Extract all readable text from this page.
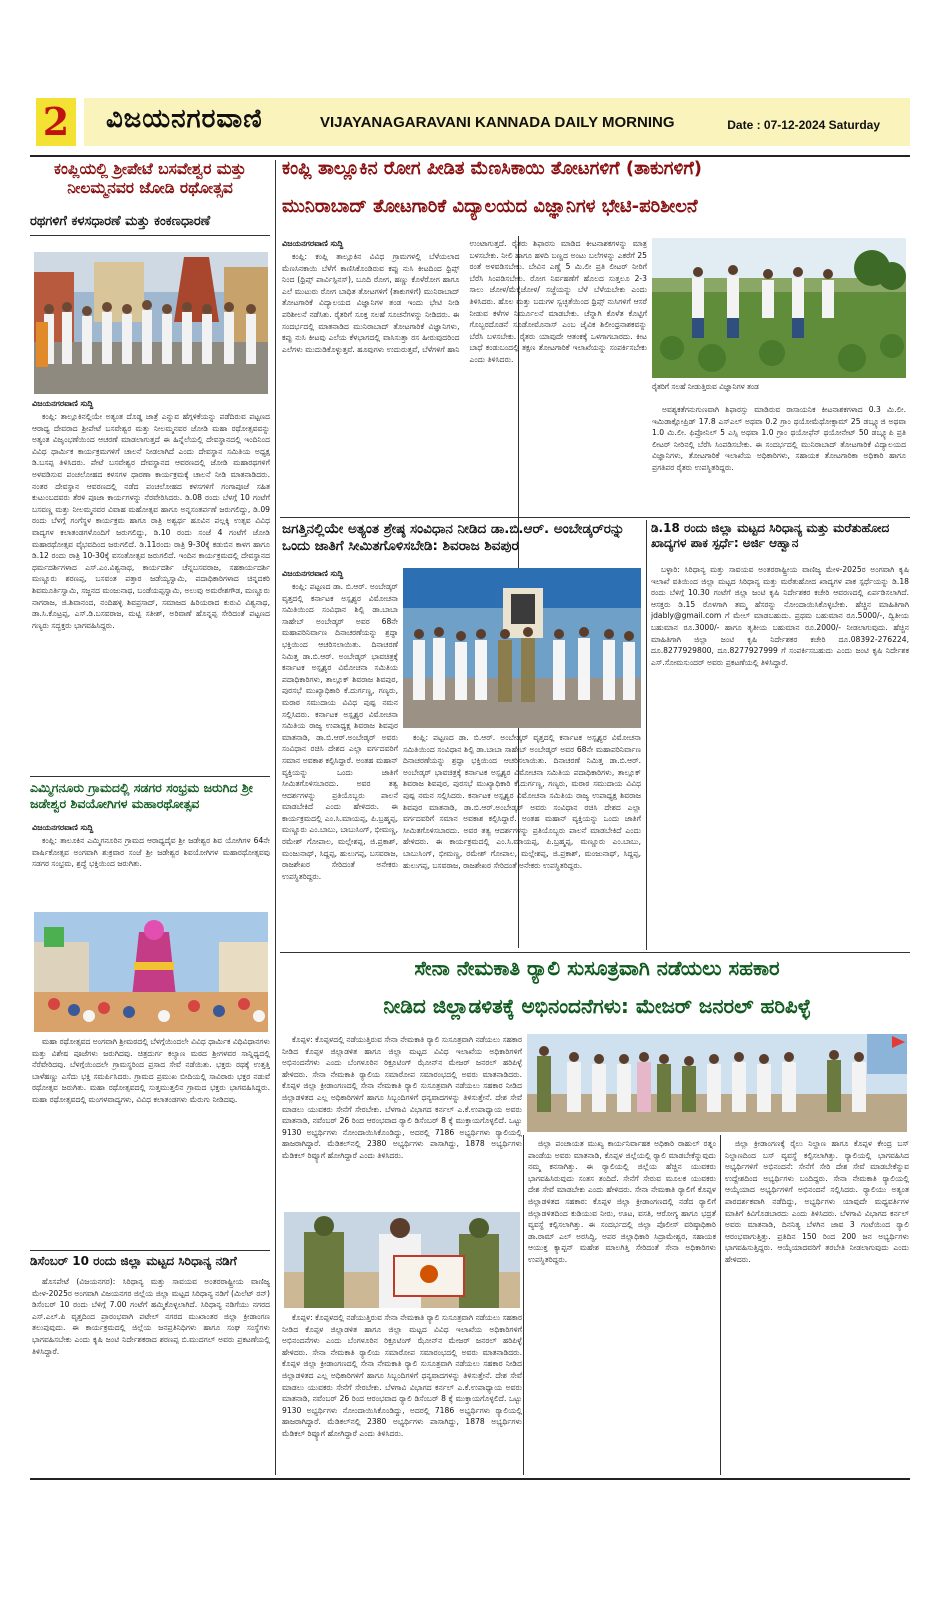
2 ವಿಜಯನಗರವಾಣಿ	VIJAYANAGARAVANI KANNADA DAILY MORNING	Date : 07-12-2024 Saturday
ಕಂಪ್ಲಿಯಲ್ಲಿ ಶ್ರೀಪೇಟೆ ಬಸವೇಶ್ವರ ಮತ್ತು ನೀಲಮ್ಮನವರ ಜೋಡಿ ರಥೋತ್ಸವ
ರಥಗಳಿಗೆ ಕಳಸಧಾರಣೆ ಮತ್ತು ಕಂಕಣಧಾರಣೆ
ವಿಜಯನಗರವಾಣಿ ಸುದ್ದಿ

ಕಂಪ್ಲಿ: ತಾಲ್ಲೂಕಿನಲ್ಲಿಯೇ ಅತ್ಯಂತ ದೊಡ್ಡ ಜಾತ್ರೆ ಎನ್ನುವ ಹೆಗ್ಗಳಿಕೆಯನ್ನು ಪಡೆದಿರುವ ಪಟ್ಟಣದ ಆರಾಧ್ಯ ದೇವರಾದ ಶ್ರೀಪೇಟೆ ಬಸವೇಶ್ವರ ಮತ್ತು ನೀಲಮ್ಮನವರ ಜೋಡಿ ಮಹಾ ರಥೋತ್ಸವವನ್ನು ಅತ್ಯಂತ ವಿಜೃಂಭಣೆಯಿಂದ ಆಚರಣೆ ಮಾಡಲಾಗುತ್ತದೆ ಈ ಹಿನ್ನೆಲೆಯಲ್ಲಿ ದೇವಸ್ಥಾನದಲ್ಲಿ ಇಂದಿನಿಂದ ವಿವಿಧ ಧಾರ್ಮಿಕ ಕಾರ್ಯಕ್ರಮಗಳಿಗೆ ಚಾಲನೆ ನೀಡಲಾಗಿದೆ ಎಂದು ದೇವಸ್ಥಾನ ಸಮಿತಿಯ ಅಧ್ಯಕ್ಷ ಡಿ.ಬಸಪ್ಪ ತಿಳಿಸಿದರು. ಪೇಟೆ ಬಸವೇಶ್ವರ ದೇವಸ್ಥಾನದ ಆವರಣದಲ್ಲಿ ಜೋಡಿ ಮಹಾರಥಗಳಿಗೆ ಅಳವಡಿಸುವ ಪಂಚಲೋಹದ ಕಳಸಗಳ ಧಾರಣಾ ಕಾರ್ಯಕ್ರಮಕ್ಕೆ ಚಾಲನೆ ನೀಡಿ ಮಾತನಾಡಿದರು. ನಂತರ ದೇವಸ್ಥಾನ ಆವರಣದಲ್ಲಿ ನಡೆದ ಪಂಚಲೋಹದ ಕಳಸಗಳಿಗೆ ಗಂಗಾಪೂಜೆ ಸಹಿತ ಕುಟುಂಬದವರು ತೆರಳಿ ಪೂಜಾ ಕಾರ್ಯಗಳನ್ನು ನೆರವೇರಿಸಿದರು. ಡಿ.08 ರಂದು ಬೆಳಗ್ಗೆ 10 ಗಂಟೆಗೆ ಬಸವಣ್ಣ ಮತ್ತು ನೀಲಮ್ಮನವರ ವಿವಾಹ ಮಹೋತ್ಸವ ಹಾಗೂ ಅನ್ನಸಂತರ್ಪಣೆ ಜರುಗಲಿದ್ದು, ಡಿ.09 ರಂದು ಬೆಳಗ್ಗೆ ಗಂಗೆಸ್ಥಳ ಕಾರ್ಯಕ್ರಮ ಹಾಗೂ ರಾತ್ರಿ ಅಶ್ವರ್ಥ ಹೂವಿನ ಪಲ್ಲಕ್ಕಿ ಉತ್ಸವ ವಿವಿಧ ವಾದ್ಯಗಳ ಕಲಾತಂಡಗಳೊಂದಿಗೆ ಜರುಗಲಿದ್ದು, ಡಿ.10 ರಂದು ಸಂಜೆ 4 ಗಂಟೆಗೆ ಜೋಡಿ ಮಹಾರಥೋತ್ಸವ ವೈಭವದಿಂದ ಜರುಗಲಿದೆ. ಡಿ.11ರಂದು ರಾತ್ರಿ 9-30ಕ್ಕೆ ಕಡುಬಿನ ಕಾಳಗ ಹಾಗೂ ಡಿ.12 ರಂದು ರಾತ್ರಿ 10-30ಕ್ಕೆ ವಸಂತೋತ್ಸವ ಜರುಗಲಿದೆ. ಇಂದಿನ ಕಾರ್ಯಕ್ರಮದಲ್ಲಿ ದೇವಸ್ಥಾನದ ಧರ್ಮದರ್ಶಿಗಳಾದ ಎಸ್.ಎಂ.ವಿಶ್ವನಾಥ, ಕಾರ್ಯದರ್ಶಿ ಚೆನ್ನಬಸವರಾಜ, ಸಹಕಾರ್ಯದರ್ಶಿ ಮಣ್ಣೂರು ಶರಣಪ್ಪ, ಬಸವಂತ ಪತ್ತಾರ ಜಡೆಯ್ಯಸ್ವಾಮಿ, ಪದಾಧಿಕಾರಿಗಳಾದ ಚಿನ್ನದಕರಿ ಶಿವಮೂರ್ತಿಸ್ವಾಮಿ, ಸಜ್ಜನದ ಮಂಜುನಾಥ, ಬಂಡೆಯಪ್ಪಸ್ವಾಮಿ, ಅಲುವು ಅಮರೇಶಗೌಡ, ಮಣ್ಣೂರು ನಾಗರಾಜ, ಜಿ.ಶಿವಾನಂದ, ನಂದಿಹಳ್ಳಿ ಶಿವಪ್ರಸಾದ್, ಸಮಾಜದ ಹಿರಿಯರಾದ ಕುರುವಿ ವಿಶ್ವನಾಥ, ಡಾ.ಸಿ.ಕೊಟ್ರಪ್ಪ, ಎಸ್.ಡಿ.ಬಸವರಾಜ, ಮಟ್ಟಿ ಸತೀಶ್, ಅರಿವಾಣೆ ಹೊನ್ನಪ್ಪ ಸೇರಿದಂತೆ ಪಟ್ಟಣದ ಗಣ್ಯರು ಸದ್ಭಕ್ತರು ಭಾಗವಹಿಸಿದ್ದರು.

ಎಮ್ಮಿಗನೂರು ಗ್ರಾಮದಲ್ಲಿ ಸಡಗರ ಸಂಭ್ರಮ ಜರುಗಿದ ಶ್ರೀ ಜಡೇಶ್ವರ ಶಿವಯೋಗಿಗಳ ಮಹಾರಥೋತ್ಸವ
ವಿಜಯನಗರವಾಣಿ ಸುದ್ದಿ

ಕಂಪ್ಲಿ: ತಾಲೂಕಿನ ಎಮ್ಮಿಗನೂರಿನ ಗ್ರಾಮದ ಆರಾಧ್ಯದೈವ ಶ್ರೀ ಜಡೇಶ್ವರ ಶಿವ ಯೋಗಿಗಳ 64ನೇ ವಾರ್ಷಿಕೋತ್ಸವ ಅಂಗವಾಗಿ ಶುಕ್ರವಾರ ಸಂಜೆ ಶ್ರೀ ಜಡೇಶ್ವರ ಶಿವಯೋಗಿಗಳ ಮಹಾರಥೋತ್ಸವವು ಸಡಗರ ಸಂಭ್ರಮ, ಶ್ರದ್ಧೆ ಭಕ್ತಿಯಿಂದ ಜರುಗಿತು.

ಮಹಾ ರಥೋತ್ಸವದ ಅಂಗವಾಗಿ ಶ್ರೀಮಠದಲ್ಲಿ ಬೆಳಗ್ಗೆಯಿಂದಲೇ ವಿವಿಧ ಧಾರ್ಮಿಕ ವಿಧಿವಿಧಾನಗಳು ಮತ್ತು ವಿಶೇಷ ಪೂಜೆಗಳು ಜರುಗಿದವು. ಚಿತ್ರದುರ್ಗ ಕಲ್ಯಾಣ ಮಠದ ಶ್ರೀಗಳವರ ಸಾನ್ನಿಧ್ಯದಲ್ಲಿ ನೆರೆವೇರಿದವು. ಬೆಳಗ್ಗೆಯಿಂದಲೇ ಗ್ರಾಮಸ್ಥರಿಂದ ಪ್ರಸಾದ ಸೇವೆ ನಡೆಯಿತು. ಭಕ್ತರು ರಥಕ್ಕೆ ಉತ್ತತ್ತಿ ಬಾಳೆಹಣ್ಣು ಎಸೆದು ಭಕ್ತಿ ಸಮರ್ಪಿಸಿದರು. ಗ್ರಾಮದ ಪ್ರಮುಖ ಬೀದಿಯಲ್ಲಿ ಸಾವಿರಾರು ಭಕ್ತರ ನಡುವೆ ರಥೋತ್ಸವ ಜರುಗಿತು. ಮಹಾ ರಥೋತ್ಸವದಲ್ಲಿ ಸುತ್ತಮುತ್ತಲಿನ ಗ್ರಾಮದ ಭಕ್ತರು ಭಾಗವಹಿಸಿದ್ದರು. ಮಹಾ ರಥೋತ್ಸವದಲ್ಲಿ ಮಂಗಳವಾದ್ಯಗಳು, ವಿವಿಧ ಕಲಾತಂಡಗಳು ಮೆರುಗು ನೀಡಿದವು.

ಡಿಸೆಂಬರ್ 10 ರಂದು ಜಿಲ್ಲಾ ಮಟ್ಟದ ಸಿರಿಧಾನ್ಯ ನಡಿಗೆ

ಹೊಸಪೇಟೆ (ವಿಜಯನಗರ): ಸಿರಿಧಾನ್ಯ ಮತ್ತು ಸಾವಯವ ಅಂತರರಾಷ್ಟ್ರೀಯ ವಾಣಿಜ್ಯ ಮೇಳ-2025ರ ಅಂಗವಾಗಿ ವಿಜಯನಗರ ಜಿಲ್ಲೆಯ ಜಿಲ್ಲಾ ಮಟ್ಟದ ಸಿರಿಧಾನ್ಯ ನಡಿಗೆ (ಮಿಲೆಟ್ ರನ್) ಡಿಸೆಂಬರ್ 10 ರಂದು ಬೆಳಿಗ್ಗೆ 7.00 ಗಂಟೆಗೆ ಹಮ್ಮಿಕೊಳ್ಳಲಾಗಿದೆ. ಸಿರಿಧಾನ್ಯ ನಡಿಗೆಯು ನಗರದ ಎಸ್.ಎಲ್.ಪಿ ವೃತ್ತದಿಂದ ಪ್ರಾರಂಭವಾಗಿ ಪಟೇಲ್ ನಗರದ ಮುಖಾಂತರ ಜಿಲ್ಲಾ ಕ್ರೀಡಾಂಗಣ ತಲುಪುವುದು. ಈ ಕಾರ್ಯಕ್ರಮದಲ್ಲಿ ಜಿಲ್ಲೆಯ ಜನಪ್ರತಿನಿಧಿಗಳು ಹಾಗೂ ಸಂಘ ಸಂಸ್ಥೆಗಳು ಭಾಗವಹಿಸಬೇಕು ಎಂದು ಕೃಷಿ ಜಂಟಿ ನಿರ್ದೇಶಕರಾದ ಶರಣಪ್ಪ ಬಿ.ಮುದಗಲ್ ಅವರು ಪ್ರಕಟಣೆಯಲ್ಲಿ ತಿಳಿಸಿದ್ದಾರೆ.

ಕಂಪ್ಲಿ ತಾಲ್ಲೂಕಿನ ರೋಗ ಪೀಡಿತ ಮೆಣಸಿಕಾಯಿ ತೋಟಗಳಿಗೆ (ತಾಕುಗಳಿಗೆ)
ಮುನಿರಾಬಾದ್ ತೋಟಗಾರಿಕೆ ವಿದ್ಯಾಲಯದ ವಿಜ್ಞಾನಿಗಳ ಭೇಟಿ-ಪರಿಶೀಲನೆ
ವಿಜಯನಗರವಾಣಿ ಸುದ್ದಿ

ಕಂಪ್ಲಿ: ಕಂಪ್ಲಿ ತಾಲ್ಲೂಕಿನ ವಿವಿಧ ಗ್ರಾಮಗಳಲ್ಲಿ ಬೆಳೆಯಲಾದ ಮೆಣಸಿನಕಾಯಿ ಬೆಳೆಗೆ ಕಾಣಿಸಿಕೊಂಡಿರುವ ಕಪ್ಪು ನುಸಿ ಕೀಟದಿಂದ ಥ್ರಿಪ್ಸ್‌ ನಿಂದ (ಥ್ರಿಪ್ಸ್ ಪಾರ್ವಿಸ್ಪಿನಸ್), ಬೂದಿ ರೋಗ, ಹಣ್ಣು ಕೊಳೆರೋಗ ಹಾಗೂ ಎಲೆ ಮುಟುರು ರೋಗ ಬಾಧಿತ ತೋಟಗಳಿಗೆ (ತಾಕುಗಳಿಗೆ) ಮುನಿರಾಬಾದ್ ತೋಟಗಾರಿಕೆ ವಿದ್ಯಾಲಯದ ವಿಜ್ಞಾನಿಗಳ ತಂಡ ಇಂದು ಭೇಟಿ ನೀಡಿ ಪರಿಶೀಲನೆ ನಡೆಸಿತು. ರೈತರಿಗೆ ಸೂಕ್ತ ಸಲಹೆ ಸೂಚನೆಗಳನ್ನು ನೀಡಿದರು. ಈ ಸಂದರ್ಭದಲ್ಲಿ ಮಾತನಾಡಿದ ಮುನಿರಾಬಾದ್ ತೋಟಗಾರಿಕೆ ವಿಜ್ಞಾನಿಗಳು, ಕಪ್ಪು ನುಸಿ ಕೀಟವು ಎಲೆಯ ಕೆಳಭಾಗದಲ್ಲಿ ವಾಸಿಸುತ್ತಾ ರಸ ಹೀರುವುದರಿಂದ ಎಲೆಗಳು ಮುದುಡಿಕೊಳ್ಳುತ್ತವೆ. ಹೂವುಗಳು ಉದುರುತ್ತವೆ, ಬೆಳೆಗಳಿಗೆ ಹಾನಿ ಉಂಟಾಗುತ್ತದೆ. ರೈತರು ಶಿಫಾರಸು ಮಾಡಿದ ಕೀಟನಾಶಕಗಳನ್ನು ಮಾತ್ರ ಬಳಸಬೇಕು. ನೀಲಿ ಹಾಗೂ ಹಳದಿ ಬಣ್ಣದ ಅಂಟು ಬಲೆಗಳನ್ನು ಎಕರೆಗೆ 25 ರಂತೆ ಅಳವಡಿಸಬೇಕು. ಬೇವಿನ ಎಣ್ಣೆ 5 ಮಿ.ಲೀ ಪ್ರತಿ ಲೀಟರ್ ನೀರಿಗೆ ಬೆರೆಸಿ ಸಿಂಪಡಿಸಬೇಕು. ರೋಗ ನಿರ್ವಹಣೆಗೆ ಹೊಲದ ಸುತ್ತಲೂ 2-3 ಸಾಲು ಜೋಳ/ಮೆಕ್ಕೆಜೋಳ/ ಸಜ್ಜೆಯನ್ನು ಬೆಳೆ ಬೆಳೆಯಬೇಕು ಎಂದು ತಿಳಿಸಿದರು. ಹೊಲ ಮತ್ತು ಬದುಗಳ ಸ್ವಚ್ಛತೆಯಿಂದ ಥ್ರಿಪ್ಸ್ ನುಸಿಗಳಿಗೆ ಆಸರೆ ನೀಡುವ ಕಳೆಗಳ ನಿರ್ಮೂಲನೆ ಮಾಡಬೇಕು. ಚೆನ್ನಾಗಿ ಕೊಳೆತ ಕೊಟ್ಟಿಗೆ ಗೊಬ್ಬರದೊಡನೆ ಸೂಡೋಮೊನಾಸ್ ಎಂಬ ಜೈವಿಕ ಶಿಲೀಂಧ್ರನಾಶಕವನ್ನು ಬೆರೆಸಿ ಬಳಸಬೇಕು. ರೈತರು ಯಾವುದೇ ಆತಂಕಕ್ಕೆ ಒಳಗಾಗಬಾರದು. ಕೀಟ ಬಾಧೆ ಕಂಡುಬಂದಲ್ಲಿ ತಕ್ಷಣ ತೋಟಗಾರಿಕೆ ಇಲಾಖೆಯನ್ನು ಸಂಪರ್ಕಿಸಬೇಕು ಎಂದು ತಿಳಿಸಿದರು.

ರೈತರಿಗೆ ಸಲಹೆ ನೀಡುತ್ತಿರುವ ವಿಜ್ಞಾನಿಗಳ ತಂಡ

ಅವಶ್ಯಕತೆಗನುಗುಣವಾಗಿ ಶಿಫಾರಸ್ಸು ಮಾಡಿರುವ ರಾಸಾಯನಿಕ ಕೀಟನಾಶಕಗಳಾದ 0.3 ಮಿ.ಲೀ. ಇಮಿಡಾಕ್ಲೋಪ್ರಿಡ್ 17.8 ಎಸ್ಎಲ್ ಅಥವಾ 0.2 ಗ್ರಾಂ ಥಯೋಮೆಥೋಕ್ಸಾಮ್ 25 ಡಬ್ಲ್ಯೂಜಿ ಅಥವಾ 1.0 ಮಿ.ಲೀ. ಫಿಪ್ರೋನಿಲ್ 5 ಎಸ್ಸಿ ಅಥವಾ 1.0 ಗ್ರಾಂ ಥಯೋಫೆನ್ ಥಯೋನೇಟ್ 50 ಡಬ್ಲ್ಯೂಪಿ ಪ್ರತಿ ಲೀಟರ್ ನೀರಿನಲ್ಲಿ ಬೆರೆಸಿ ಸಿಂಪಡಿಸಬೇಕು. ಈ ಸಂದರ್ಭದಲ್ಲಿ ಮುನಿರಾಬಾದ್ ತೋಟಗಾರಿಕೆ ವಿದ್ಯಾಲಯದ ವಿಜ್ಞಾನಿಗಳು, ತೋಟಗಾರಿಕೆ ಇಲಾಖೆಯ ಅಧಿಕಾರಿಗಳು, ಸಹಾಯಕ ತೋಟಗಾರಿಕಾ ಅಧಿಕಾರಿ ಹಾಗೂ ಪ್ರಗತಿಪರ ರೈತರು ಉಪಸ್ಥಿತರಿದ್ದರು.

ಜಗತ್ತಿನಲ್ಲಿಯೇ ಅತ್ಯಂತ ಶ್ರೇಷ್ಠ ಸಂವಿಧಾನ ನೀಡಿದ ಡಾ.ಬಿ.ಆರ್. ಅಂಬೇಡ್ಕರ್‌ರನ್ನು ಒಂದು ಜಾತಿಗೆ ಸೀಮಿತಗೊಳಿಸಬೇಡಿ: ಶಿವರಾಜ ಶಿವಪುರ
ವಿಜಯನಗರವಾಣಿ ಸುದ್ದಿ

ಕಂಪ್ಲಿ: ಪಟ್ಟಣದ ಡಾ. ಬಿ.ಆರ್. ಅಂಬೇಡ್ಕರ್ ವೃತ್ತದಲ್ಲಿ ಕರ್ನಾಟಕ ಅಸ್ಪೃಶ್ಯರ ವಿಮೋಚನಾ ಸಮಿತಿಯಿಂದ ಸಂವಿಧಾನ ಶಿಲ್ಪಿ ಡಾ.ಬಾಬಾ ಸಾಹೇಬ್ ಅಂಬೇಡ್ಕರ್ ಅವರ 68ನೇ ಮಹಾಪರಿನಿರ್ವಾಣ ದಿನಾಚರಣೆಯನ್ನು ಶ್ರದ್ಧಾ ಭಕ್ತಿಯಿಂದ ಆಚರಿಸಲಾಯಿತು. ದಿನಾಚರಣೆ ನಿಮಿತ್ತ ಡಾ.ಬಿ.ಆರ್. ಅಂಬೇಡ್ಕರ್ ಭಾವಚಿತ್ರಕ್ಕೆ ಕರ್ನಾಟಕ ಅಸ್ಪೃಶ್ಯರ ವಿಮೋಚನಾ ಸಮಿತಿಯ ಪದಾಧಿಕಾರಿಗಳು, ತಾಲ್ಲೂಕ್ ಶಿವರಾಜ ಶಿವಪುರ, ಪುರಸಭೆ ಮುಖ್ಯಾಧಿಕಾರಿ ಕೆ.ದುರ್ಗಣ್ಣ, ಗಣ್ಯರು, ಮರಾಠ ಸಮುದಾಯ ವಿವಿಧ ಪುಷ್ಪ ನಮನ ಸಲ್ಲಿಸಿದರು. ಕರ್ನಾಟಕ ಅಸ್ಪೃಶ್ಯರ ವಿಮೋಚನಾ ಸಮಿತಿಯ ರಾಜ್ಯ ಉಪಾಧ್ಯಕ್ಷ ಶಿವರಾಜ ಶಿವಪುರ ಮಾತನಾಡಿ, ಡಾ.ಬಿ.ಆರ್.ಅಂಬೇಡ್ಕರ್ ಅವರು ಸಂವಿಧಾನ ರಚಿಸಿ ದೇಶದ ಎಲ್ಲಾ ವರ್ಗದವರಿಗೆ ಸಮಾನ ಅವಕಾಶ ಕಲ್ಪಿಸಿದ್ದಾರೆ. ಅಂತಹ ಮಹಾನ್ ವ್ಯಕ್ತಿಯನ್ನು ಒಂದು ಜಾತಿಗೆ ಸೀಮಿತಗೊಳಿಸಬಾರದು. ಅವರ ತತ್ವ ಆದರ್ಶಗಳನ್ನು ಪ್ರತಿಯೊಬ್ಬರು ಪಾಲನೆ ಮಾಡಬೇಕಿದೆ ಎಂದು ಹೇಳಿದರು. ಈ ಕಾರ್ಯಕ್ರಮದಲ್ಲಿ ಎಂ.ಸಿ.ಮಾಯಪ್ಪ, ಪಿ.ಬ್ರಹ್ಮಪ್ಪ, ಮಣ್ಣೂರು ಎಂ.ಬಾಬು, ಬಾಬುಸಿಂಗ್, ಭೀಮಣ್ಣ, ರಮೇಶ್ ಗೋಪಾಲ, ಮಲ್ಲೇಶಪ್ಪ, ಜಿ.ಪ್ರಕಾಶ್, ಮಂಜುನಾಥ್, ಸಿದ್ದಪ್ಪ, ಹುಲುಗಪ್ಪ, ಬಸವರಾಜ, ರಾಜಶೇಖರ ಸೇರಿದಂತೆ ಅನೇಕರು ಉಪಸ್ಥಿತರಿದ್ದರು.

ಕಂಪ್ಲಿ: ಪಟ್ಟಣದ ಡಾ. ಬಿ.ಆರ್. ಅಂಬೇಡ್ಕರ್ ವೃತ್ತದಲ್ಲಿ ಕರ್ನಾಟಕ ಅಸ್ಪೃಶ್ಯರ ವಿಮೋಚನಾ ಸಮಿತಿಯಿಂದ ಸಂವಿಧಾನ ಶಿಲ್ಪಿ ಡಾ.ಬಾಬಾ ಸಾಹೇಬ್ ಅಂಬೇಡ್ಕರ್ ಅವರ 68ನೇ ಮಹಾಪರಿನಿರ್ವಾಣ ದಿನಾಚರಣೆಯನ್ನು ಶ್ರದ್ಧಾ ಭಕ್ತಿಯಿಂದ ಆಚರಿಸಲಾಯಿತು. ದಿನಾಚರಣೆ ನಿಮಿತ್ತ ಡಾ.ಬಿ.ಆರ್. ಅಂಬೇಡ್ಕರ್ ಭಾವಚಿತ್ರಕ್ಕೆ ಕರ್ನಾಟಕ ಅಸ್ಪೃಶ್ಯರ ವಿಮೋಚನಾ ಸಮಿತಿಯ ಪದಾಧಿಕಾರಿಗಳು, ತಾಲ್ಲೂಕ್ ಶಿವರಾಜ ಶಿವಪುರ, ಪುರಸಭೆ ಮುಖ್ಯಾಧಿಕಾರಿ ಕೆ.ದುರ್ಗಣ್ಣ, ಗಣ್ಯರು, ಮರಾಠ ಸಮುದಾಯ ವಿವಿಧ ಪುಷ್ಪ ನಮನ ಸಲ್ಲಿಸಿದರು. ಕರ್ನಾಟಕ ಅಸ್ಪೃಶ್ಯರ ವಿಮೋಚನಾ ಸಮಿತಿಯ ರಾಜ್ಯ ಉಪಾಧ್ಯಕ್ಷ ಶಿವರಾಜ ಶಿವಪುರ ಮಾತನಾಡಿ, ಡಾ.ಬಿ.ಆರ್.ಅಂಬೇಡ್ಕರ್ ಅವರು ಸಂವಿಧಾನ ರಚಿಸಿ ದೇಶದ ಎಲ್ಲಾ ವರ್ಗದವರಿಗೆ ಸಮಾನ ಅವಕಾಶ ಕಲ್ಪಿಸಿದ್ದಾರೆ. ಅಂತಹ ಮಹಾನ್ ವ್ಯಕ್ತಿಯನ್ನು ಒಂದು ಜಾತಿಗೆ ಸೀಮಿತಗೊಳಿಸಬಾರದು. ಅವರ ತತ್ವ ಆದರ್ಶಗಳನ್ನು ಪ್ರತಿಯೊಬ್ಬರು ಪಾಲನೆ ಮಾಡಬೇಕಿದೆ ಎಂದು ಹೇಳಿದರು. ಈ ಕಾರ್ಯಕ್ರಮದಲ್ಲಿ ಎಂ.ಸಿ.ಮಾಯಪ್ಪ, ಪಿ.ಬ್ರಹ್ಮಪ್ಪ, ಮಣ್ಣೂರು ಎಂ.ಬಾಬು, ಬಾಬುಸಿಂಗ್, ಭೀಮಣ್ಣ, ರಮೇಶ್ ಗೋಪಾಲ, ಮಲ್ಲೇಶಪ್ಪ, ಜಿ.ಪ್ರಕಾಶ್, ಮಂಜುನಾಥ್, ಸಿದ್ದಪ್ಪ, ಹುಲುಗಪ್ಪ, ಬಸವರಾಜ, ರಾಜಶೇಖರ ಸೇರಿದಂತೆ ಅನೇಕರು ಉಪಸ್ಥಿತರಿದ್ದರು.

ಡಿ.18 ರಂದು ಜಿಲ್ಲಾ ಮಟ್ಟದ ಸಿರಿಧಾನ್ಯ ಮತ್ತು ಮರೆತುಹೋದ ಖಾದ್ಯಗಳ ಪಾಕ ಸ್ಪರ್ಧೆ: ಅರ್ಜಿ ಆಹ್ವಾನ

ಬಳ್ಳಾರಿ: ಸಿರಿಧಾನ್ಯ ಮತ್ತು ಸಾವಯವ ಅಂತರರಾಷ್ಟ್ರೀಯ ವಾಣಿಜ್ಯ ಮೇಳ-2025ರ ಅಂಗವಾಗಿ ಕೃಷಿ ಇಲಾಖೆ ವತಿಯಿಂದ ಜಿಲ್ಲಾ ಮಟ್ಟದ ಸಿರಿಧಾನ್ಯ ಮತ್ತು ಮರೆತುಹೋದ ಖಾದ್ಯಗಳ ಪಾಕ ಸ್ಪರ್ಧೆಯನ್ನು ಡಿ.18 ರಂದು ಬೆಳಿಗ್ಗೆ 10.30 ಗಂಟೆಗೆ ಜಿಲ್ಲಾ ಜಂಟಿ ಕೃಷಿ ನಿರ್ದೇಶಕರ ಕಚೇರಿ ಆವರಣದಲ್ಲಿ ಏರ್ಪಡಿಸಲಾಗಿದೆ. ಆಸಕ್ತರು ಡಿ.15 ರೊಳಗಾಗಿ ತಮ್ಮ ಹೆಸರನ್ನು ನೋಂದಾಯಿಸಿಕೊಳ್ಳಬೇಕು. ಹೆಚ್ಚಿನ ಮಾಹಿತಿಗಾಗಿ jdably@gmail.com ಗೆ ಮೇಲ್ ಮಾಡಬಹುದು. ಪ್ರಥಮ ಬಹುಮಾನ ರೂ.5000/-, ದ್ವಿತೀಯ ಬಹುಮಾನ ರೂ.3000/- ಹಾಗೂ ತೃತೀಯ ಬಹುಮಾನ ರೂ.2000/- ನೀಡಲಾಗುವುದು. ಹೆಚ್ಚಿನ ಮಾಹಿತಿಗಾಗಿ ಜಿಲ್ಲಾ ಜಂಟಿ ಕೃಷಿ ನಿರ್ದೇಶಕರ ಕಚೇರಿ ದೂ.08392-276224, ದೂ.8277929800, ದೂ.8277927999 ಗೆ ಸಂಪರ್ಕಿಸಬಹುದು ಎಂದು ಜಂಟಿ ಕೃಷಿ ನಿರ್ದೇಶಕ ಎಸ್.ಸೋಮಸುಂದರ್ ಅವರು ಪ್ರಕಟಣೆಯಲ್ಲಿ ತಿಳಿಸಿದ್ದಾರೆ.

ಸೇನಾ ನೇಮಕಾತಿ ರ್‍ಯಾಲಿ ಸುಸೂತ್ರವಾಗಿ ನಡೆಯಲು ಸಹಕಾರ
ನೀಡಿದ ಜಿಲ್ಲಾಡಳಿತಕ್ಕೆ ಅಭಿನಂದನೆಗಳು: ಮೇಜರ್ ಜನರಲ್ ಹರಿಪಿಳ್ಳೆ

ಕೊಪ್ಪಳ: ಕೊಪ್ಪಳದಲ್ಲಿ ನಡೆಯುತ್ತಿರುವ ಸೇನಾ ನೇಮಕಾತಿ ರ್‍ಯಾಲಿ ಸುಸೂತ್ರವಾಗಿ ನಡೆಯಲು ಸಹಕಾರ ನೀಡಿದ ಕೊಪ್ಪಳ ಜಿಲ್ಲಾಡಳಿತ ಹಾಗೂ ಜಿಲ್ಲಾ ಮಟ್ಟದ ವಿವಿಧ ಇಲಾಖೆಯ ಅಧಿಕಾರಿಗಳಿಗೆ ಅಭಿನಂದನೆಗಳು ಎಂದು ಬೆಂಗಳೂರಿನ ರಿಕ್ರೂಟಿಂಗ್ ಝೋನ್‌ನ ಮೇಜರ್ ಜನರಲ್ ಹರಿಪಿಳ್ಳೆ ಹೇಳಿದರು. ಸೇನಾ ನೇಮಕಾತಿ ರ್‍ಯಾಲಿಯ ಸಮಾರೋಪ ಸಮಾರಂಭದಲ್ಲಿ ಅವರು ಮಾತನಾಡಿದರು. ಕೊಪ್ಪಳ ಜಿಲ್ಲಾ ಕ್ರೀಡಾಂಗಣದಲ್ಲಿ ಸೇನಾ ನೇಮಕಾತಿ ರ್‍ಯಾಲಿ ಸುಸೂತ್ರವಾಗಿ ನಡೆಯಲು ಸಹಕಾರ ನೀಡಿದ ಜಿಲ್ಲಾಡಳಿತದ ಎಲ್ಲ ಅಧಿಕಾರಿಗಳಿಗೆ ಹಾಗೂ ಸಿಬ್ಬಂದಿಗಳಿಗೆ ಧನ್ಯವಾದಗಳನ್ನು ತಿಳಿಸುತ್ತೇನೆ. ದೇಶ ಸೇವೆ ಮಾಡಲು ಯುವಕರು ಸೇನೆಗೆ ಸೇರಬೇಕು. ಬೆಳಗಾವಿ ವಿಭಾಗದ ಕರ್ನಲ್ ಎ.ಕೆ.ಉಪಾಧ್ಯಾಯ ಅವರು ಮಾತನಾಡಿ, ನವೆಂಬರ್ 26 ರಿಂದ ಆರಂಭವಾದ ರ್‍ಯಾಲಿ ಡಿಸೆಂಬರ್ 8 ಕ್ಕೆ ಮುಕ್ತಾಯಗೊಳ್ಳಲಿದೆ. ಒಟ್ಟು 9130 ಅಭ್ಯರ್ಥಿಗಳು ನೋಂದಾಯಿಸಿಕೊಂಡಿದ್ದು, ಅದರಲ್ಲಿ 7186 ಅಭ್ಯರ್ಥಿಗಳು ರ್‍ಯಾಲಿಯಲ್ಲಿ ಹಾಜರಾಗಿದ್ದಾರೆ. ಮೆಡಿಕಲ್‌ನಲ್ಲಿ 2380 ಅಭ್ಯರ್ಥಿಗಳು ಪಾಸಾಗಿದ್ದು, 1878 ಅಭ್ಯರ್ಥಿಗಳು ಮೆಡಿಕಲ್ ರಿವ್ಯೂಗೆ ಹೋಗಿದ್ದಾರೆ ಎಂದು ತಿಳಿಸಿದರು.

ಕೊಪ್ಪಳ: ಕೊಪ್ಪಳದಲ್ಲಿ ನಡೆಯುತ್ತಿರುವ ಸೇನಾ ನೇಮಕಾತಿ ರ್‍ಯಾಲಿ ಸುಸೂತ್ರವಾಗಿ ನಡೆಯಲು ಸಹಕಾರ ನೀಡಿದ ಕೊಪ್ಪಳ ಜಿಲ್ಲಾಡಳಿತ ಹಾಗೂ ಜಿಲ್ಲಾ ಮಟ್ಟದ ವಿವಿಧ ಇಲಾಖೆಯ ಅಧಿಕಾರಿಗಳಿಗೆ ಅಭಿನಂದನೆಗಳು ಎಂದು ಬೆಂಗಳೂರಿನ ರಿಕ್ರೂಟಿಂಗ್ ಝೋನ್‌ನ ಮೇಜರ್ ಜನರಲ್ ಹರಿಪಿಳ್ಳೆ ಹೇಳಿದರು. ಸೇನಾ ನೇಮಕಾತಿ ರ್‍ಯಾಲಿಯ ಸಮಾರೋಪ ಸಮಾರಂಭದಲ್ಲಿ ಅವರು ಮಾತನಾಡಿದರು. ಕೊಪ್ಪಳ ಜಿಲ್ಲಾ ಕ್ರೀಡಾಂಗಣದಲ್ಲಿ ಸೇನಾ ನೇಮಕಾತಿ ರ್‍ಯಾಲಿ ಸುಸೂತ್ರವಾಗಿ ನಡೆಯಲು ಸಹಕಾರ ನೀಡಿದ ಜಿಲ್ಲಾಡಳಿತದ ಎಲ್ಲ ಅಧಿಕಾರಿಗಳಿಗೆ ಹಾಗೂ ಸಿಬ್ಬಂದಿಗಳಿಗೆ ಧನ್ಯವಾದಗಳನ್ನು ತಿಳಿಸುತ್ತೇನೆ. ದೇಶ ಸೇವೆ ಮಾಡಲು ಯುವಕರು ಸೇನೆಗೆ ಸೇರಬೇಕು. ಬೆಳಗಾವಿ ವಿಭಾಗದ ಕರ್ನಲ್ ಎ.ಕೆ.ಉಪಾಧ್ಯಾಯ ಅವರು ಮಾತನಾಡಿ, ನವೆಂಬರ್ 26 ರಿಂದ ಆರಂಭವಾದ ರ್‍ಯಾಲಿ ಡಿಸೆಂಬರ್ 8 ಕ್ಕೆ ಮುಕ್ತಾಯಗೊಳ್ಳಲಿದೆ. ಒಟ್ಟು 9130 ಅಭ್ಯರ್ಥಿಗಳು ನೋಂದಾಯಿಸಿಕೊಂಡಿದ್ದು, ಅದರಲ್ಲಿ 7186 ಅಭ್ಯರ್ಥಿಗಳು ರ್‍ಯಾಲಿಯಲ್ಲಿ ಹಾಜರಾಗಿದ್ದಾರೆ. ಮೆಡಿಕಲ್‌ನಲ್ಲಿ 2380 ಅಭ್ಯರ್ಥಿಗಳು ಪಾಸಾಗಿದ್ದು, 1878 ಅಭ್ಯರ್ಥಿಗಳು ಮೆಡಿಕಲ್ ರಿವ್ಯೂಗೆ ಹೋಗಿದ್ದಾರೆ ಎಂದು ತಿಳಿಸಿದರು.

ಜಿಲ್ಲಾ ಪಂಚಾಯತ ಮುಖ್ಯ ಕಾರ್ಯನಿರ್ವಾಹಕ ಅಧಿಕಾರಿ ರಾಹುಲ್ ರತ್ನಂ ಪಾಂಡೆಯ ಅವರು ಮಾತನಾಡಿ, ಕೊಪ್ಪಳ ಜಿಲ್ಲೆಯಲ್ಲಿ ರ್‍ಯಾಲಿ ಮಾಡಬೇಕೆನ್ನುವುದು ನಮ್ಮ ಕನಸಾಗಿತ್ತು. ಈ ರ್‍ಯಾಲಿಯಲ್ಲಿ ಜಿಲ್ಲೆಯ ಹೆಚ್ಚಿನ ಯುವಕರು ಭಾಗವಹಿಸಿರುವುದು ಸಂತಸ ತಂದಿದೆ. ಸೇನೆಗೆ ಸೇರುವ ಮೂಲಕ ಯುವಕರು ದೇಶ ಸೇವೆ ಮಾಡಬೇಕು ಎಂದು ಹೇಳಿದರು. ಸೇನಾ ನೇಮಕಾತಿ ರ್‍ಯಾಲಿಗೆ ಕೊಪ್ಪಳ ಜಿಲ್ಲಾಡಳಿತದ ಸಹಕಾರ: ಕೊಪ್ಪಳ ಜಿಲ್ಲಾ ಕ್ರೀಡಾಂಗಣದಲ್ಲಿ ನಡೆದ ರ್‍ಯಾಲಿಗೆ ಜಿಲ್ಲಾಡಳಿತದಿಂದ ಕುಡಿಯುವ ನೀರು, ಊಟ, ವಸತಿ, ಆರೋಗ್ಯ ಹಾಗೂ ಭದ್ರತೆ ವ್ಯವಸ್ಥೆ ಕಲ್ಪಿಸಲಾಗಿತ್ತು. ಈ ಸಂದರ್ಭದಲ್ಲಿ ಜಿಲ್ಲಾ ಪೊಲೀಸ್ ವರಿಷ್ಠಾಧಿಕಾರಿ ಡಾ.ರಾಮ್ ಎಲ್ ಅರಸಿದ್ಧಿ, ಅಪರ ಜಿಲ್ಲಾಧಿಕಾರಿ ಸಿದ್ರಾಮೇಶ್ವರ, ಸಹಾಯಕ ಆಯುಕ್ತ ಕ್ಯಾಪ್ಟನ್ ಮಹೇಶ ಮಾಲಗಿತ್ತಿ ಸೇರಿದಂತೆ ಸೇನಾ ಅಧಿಕಾರಿಗಳು ಉಪಸ್ಥಿತರಿದ್ದರು.

ಜಿಲ್ಲಾ ಕ್ರೀಡಾಂಗಣಕ್ಕೆ ರೈಲು ನಿಲ್ದಾಣ ಹಾಗೂ ಕೊಪ್ಪಳ ಕೇಂದ್ರ ಬಸ್ ನಿಲ್ದಾಣದಿಂದ ಬಸ್ ವ್ಯವಸ್ಥೆ ಕಲ್ಪಿಸಲಾಗಿತ್ತು. ರ್‍ಯಾಲಿಯಲ್ಲಿ ಭಾಗವಹಿಸಿದ ಅಭ್ಯರ್ಥಿಗಳಿಗೆ ಅಭಿನಂದನೆ: ಸೇನೆಗೆ ಸೇರಿ ದೇಶ ಸೇವೆ ಮಾಡಬೇಕೆನ್ನುವ ಉದ್ದೇಶದಿಂದ ಅಭ್ಯರ್ಥಿಗಳು ಬಂದಿದ್ದರು. ಸೇನಾ ನೇಮಕಾತಿ ರ್‍ಯಾಲಿಯಲ್ಲಿ ಆಯ್ಕೆಯಾದ ಅಭ್ಯರ್ಥಿಗಳಿಗೆ ಅಭಿನಂದನೆ ಸಲ್ಲಿಸಿದರು. ರ್‍ಯಾಲಿಯು ಅತ್ಯಂತ ಪಾರದರ್ಶಕವಾಗಿ ನಡೆದಿದ್ದು, ಅಭ್ಯರ್ಥಿಗಳು ಯಾವುದೇ ಮಧ್ಯವರ್ತಿಗಳ ಮಾತಿಗೆ ಕಿವಿಗೊಡಬಾರದು ಎಂದು ತಿಳಿಸಿದರು. ಬೆಳಗಾವಿ ವಿಭಾಗದ ಕರ್ನಲ್ ಅವರು ಮಾತನಾಡಿ, ದಿನನಿತ್ಯ ಬೆಳಗಿನ ಜಾವ 3 ಗಂಟೆಯಿಂದ ರ್‍ಯಾಲಿ ಆರಂಭವಾಗುತ್ತಿತ್ತು. ಪ್ರತಿದಿನ 150 ರಿಂದ 200 ಜನ ಅಭ್ಯರ್ಥಿಗಳು ಭಾಗವಹಿಸುತ್ತಿದ್ದರು. ಆಯ್ಕೆಯಾದವರಿಗೆ ತರಬೇತಿ ನೀಡಲಾಗುವುದು ಎಂದು ಹೇಳಿದರು.
